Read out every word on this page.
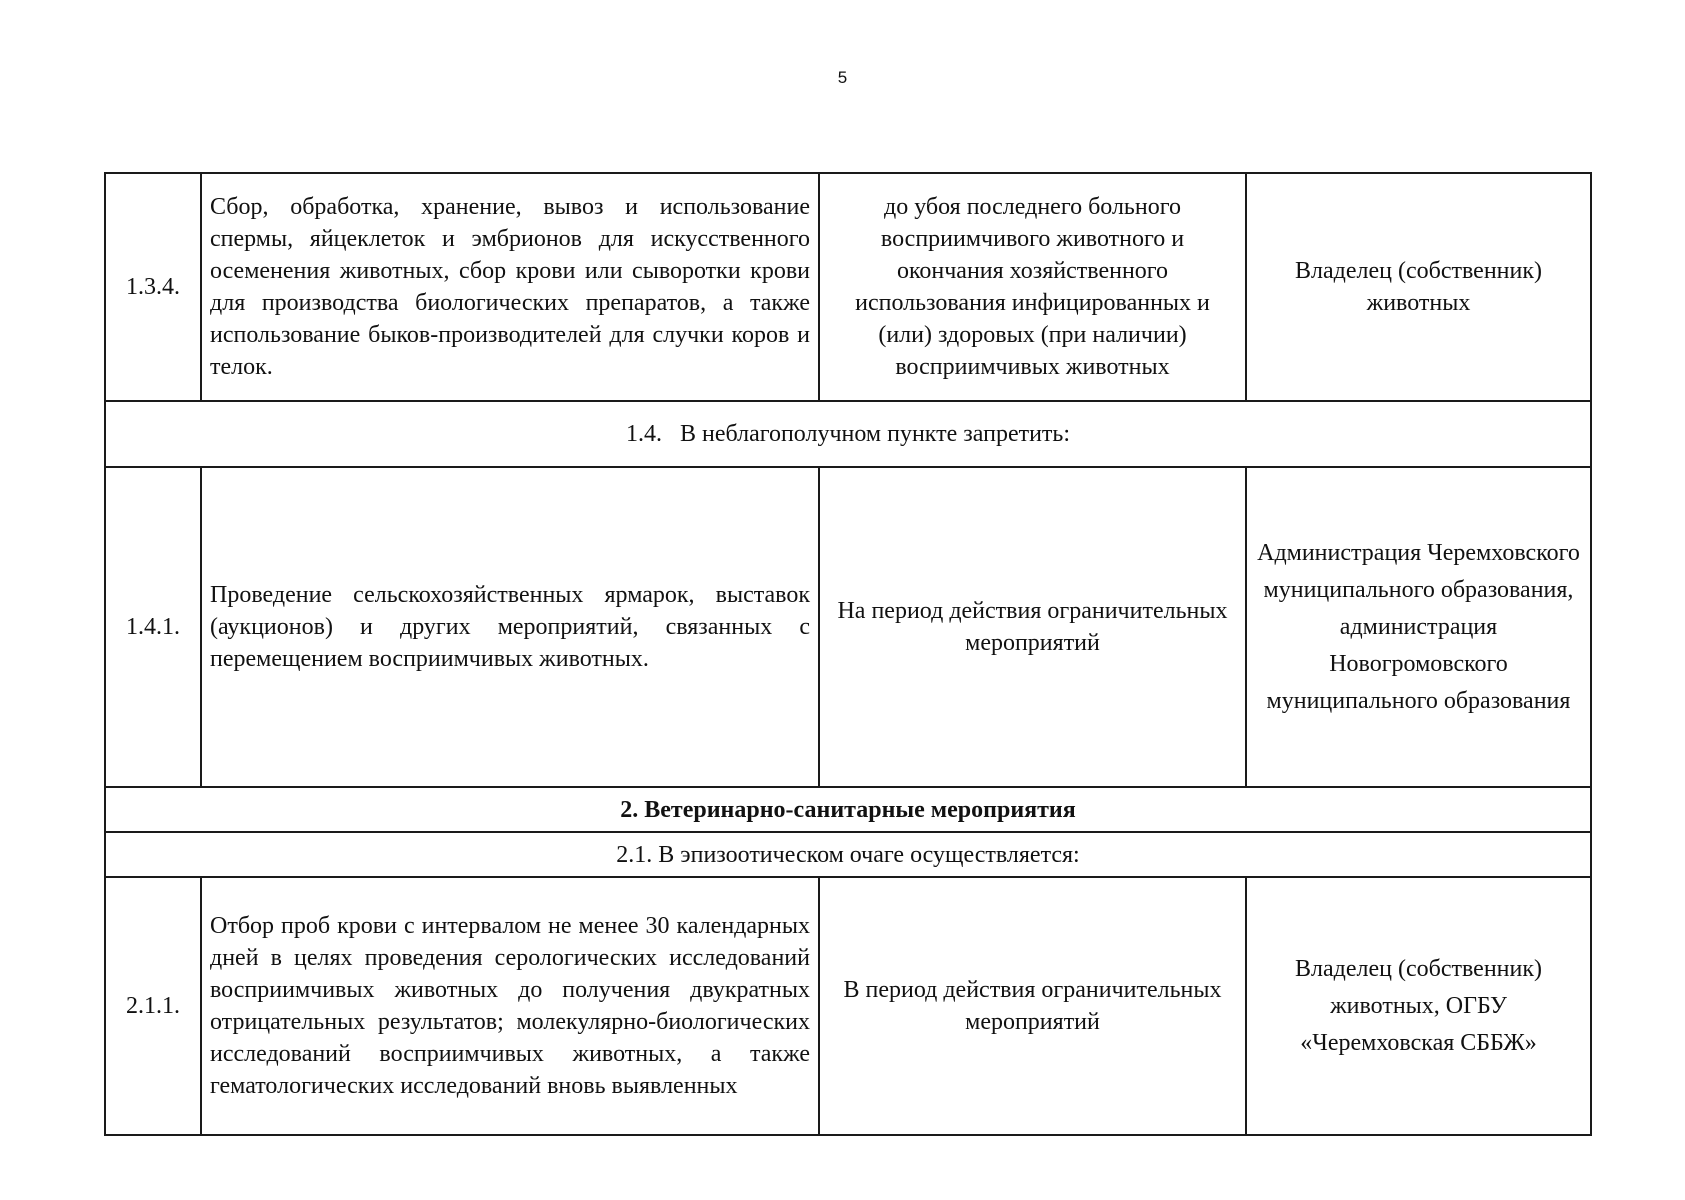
5
1.3.4.	Сбор, обработка, хранение, вывоз и использование спермы, яйцеклеток и эмбрионов для искусственного осеменения животных, сбор крови или сыворотки крови для производства биологических препаратов, а также использование быков-производителей для случки коров и телок.	до убоя последнего больного восприимчивого животного и окончания хозяйственного использования инфицированных и (или) здоровых (при наличии) восприимчивых животных	Владелец (собственник) животных
1.4.   В неблагополучном пункте запретить:			
1.4.1.	Проведение сельскохозяйственных ярмарок, выставок (аукционов) и других мероприятий, связанных с перемещением восприимчивых животных.	На период действия ограничительных мероприятий	Администрация Черемховского муниципального образования, администрация Новогромовского муниципального образования
2. Ветеринарно-санитарные мероприятия			
2.1. В эпизоотическом очаге осуществляется:			
2.1.1.	Отбор проб крови с интервалом не менее 30 календарных дней в целях проведения серологических исследований восприимчивых животных до получения двукратных отрицательных результатов; молекулярно-биологических исследований восприимчивых животных, а также гематологических исследований вновь выявленных	В период действия ограничительных мероприятий	Владелец (собственник) животных, ОГБУ «Черемховская СББЖ»
